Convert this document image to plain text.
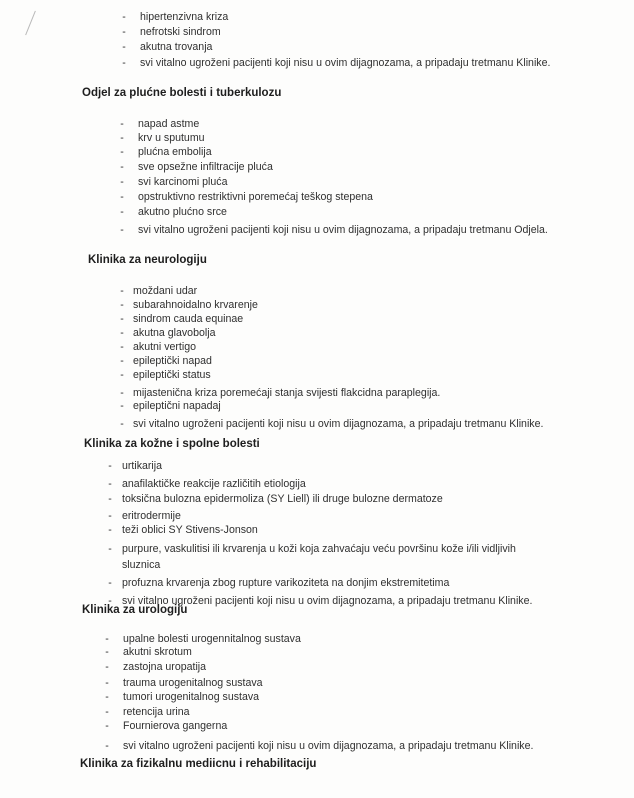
- hipertenzivna kriza
- nefrotski sindrom
- akutna trovanja
- svi vitalno ugroženi pacijenti koji nisu u ovim dijagnozama, a pripadaju tretmanu Klinike.
Odjel za plućne bolesti i tuberkulozu
- napad astme
- krv u sputumu
- plućna embolija
- sve opsežne infiltracije pluća
- svi karcinomi pluća
- opstruktivno restriktivni poremećaj teškog stepena
- akutno plućno srce
- svi vitalno ugroženi pacijenti koji nisu u ovim dijagnozama, a pripadaju tretmanu Odjela.
Klinika za neurologiju
- moždani udar
- subarahnoidalno krvarenje
- sindrom cauda equinae
- akutna glavobolja
- akutni vertigo
- epileptički napad
- epileptički status
- mijastenična kriza poremećaji stanja svijesti flakcidna paraplegija.
- epileptični napadaj
- svi vitalno ugroženi pacijenti koji nisu u ovim dijagnozama, a pripadaju tretmanu Klinike.
Klinika za kožne i spolne bolesti
- urtikarija
- anafilaktičke reakcije različitih etiologija
- toksična bulozna epidermoliza (SY Liell) ili druge bulozne dermatoze
- eritrodermije
- teži oblici SY Stivens-Jonson
- purpure, vaskulitisi ili krvarenja u koži koja zahvaćaju veću površinu kože i/ili vidljivih
sluznica
- profuzna krvarenja zbog rupture varikoziteta na donjim ekstremitetima
- svi vitalno ugroženi pacijenti koji nisu u ovim dijagnozama, a pripadaju tretmanu Klinike.
Klinika za urologiju
- upalne bolesti urogennitalnog sustava
- akutni skrotum
- zastojna uropatija
- trauma urogenitalnog sustava
- tumori urogenitalnog sustava
- retencija urina
- Fournierova gangerna
- svi vitalno ugroženi pacijenti koji nisu u ovim dijagnozama, a pripadaju tretmanu Klinike.
Klinika za fizikalnu mediicnu i rehabilitaciju
